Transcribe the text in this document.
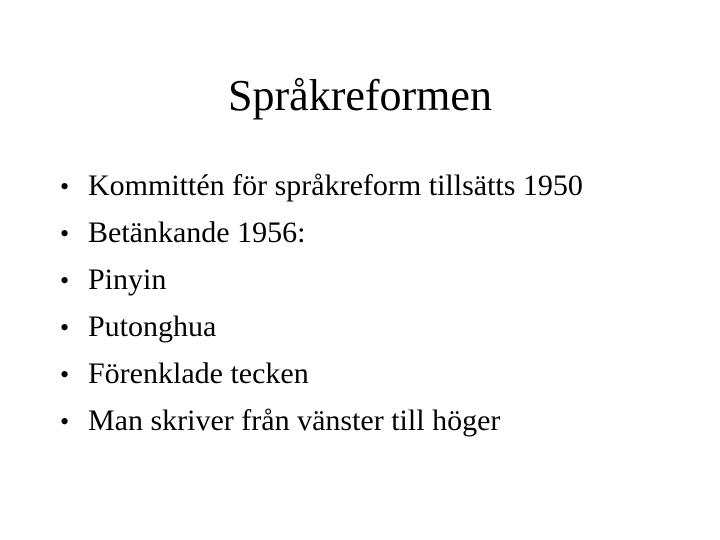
Språkreformen
• Kommittén för språkreform tillsätts 1950
• Betänkande 1956:
• Pinyin
• Putonghua
• Förenklade tecken
• Man skriver från vänster till höger
